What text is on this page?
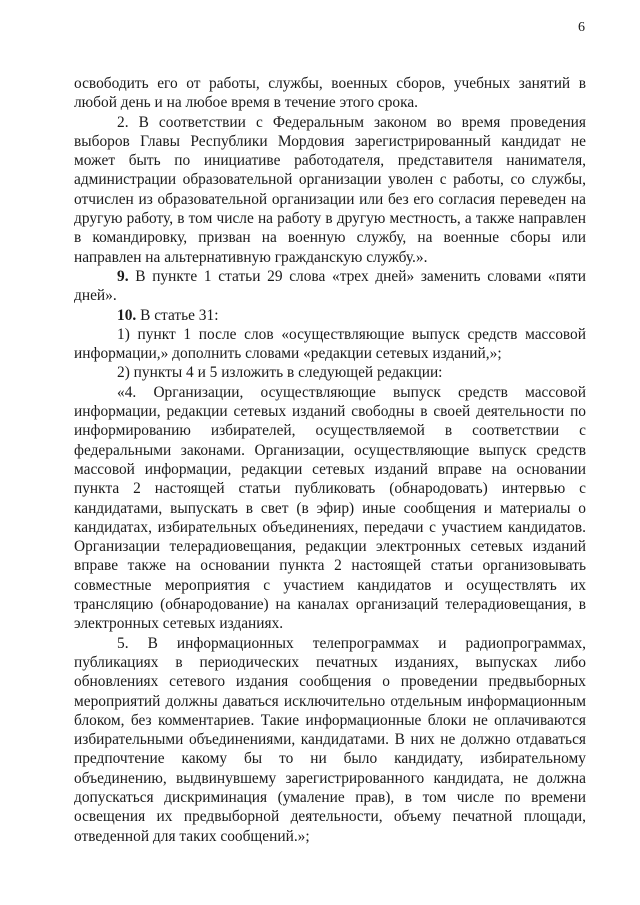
6

освободить его от работы, службы, военных сборов, учебных занятий в любой день и на любое время в течение этого срока.

2. В соответствии с Федеральным законом во время проведения выборов Главы Республики Мордовия зарегистрированный кандидат не может быть по инициативе работодателя, представителя нанимателя, администрации образовательной организации уволен с работы, со службы, отчислен из образовательной организации или без его согласия переведен на другую работу, в том числе на работу в другую местность, а также направлен в командировку, призван на военную службу, на военные сборы или направлен на альтернативную гражданскую службу.».

9. В пункте 1 статьи 29 слова «трех дней» заменить словами «пяти дней».

10. В статье 31:

1) пункт 1 после слов «осуществляющие выпуск средств массовой информации,» дополнить словами «редакции сетевых изданий,»;

2) пункты 4 и 5 изложить в следующей редакции:

«4. Организации, осуществляющие выпуск средств массовой информации, редакции сетевых изданий свободны в своей деятельности по информированию избирателей, осуществляемой в соответствии с федеральными законами. Организации, осуществляющие выпуск средств массовой информации, редакции сетевых изданий вправе на основании пункта 2 настоящей статьи публиковать (обнародовать) интервью с кандидатами, выпускать в свет (в эфир) иные сообщения и материалы о кандидатах, избирательных объединениях, передачи с участием кандидатов. Организации телерадиовещания, редакции электронных сетевых изданий вправе также на основании пункта 2 настоящей статьи организовывать совместные мероприятия с участием кандидатов и осуществлять их трансляцию (обнародование) на каналах организаций телерадиовещания, в электронных сетевых изданиях.

5. В информационных телепрограммах и радиопрограммах, публикациях в периодических печатных изданиях, выпусках либо обновлениях сетевого издания сообщения о проведении предвыборных мероприятий должны даваться исключительно отдельным информационным блоком, без комментариев. Такие информационные блоки не оплачиваются избирательными объединениями, кандидатами. В них не должно отдаваться предпочтение какому бы то ни было кандидату, избирательному объединению, выдвинувшему зарегистрированного кандидата, не должна допускаться дискриминация (умаление прав), в том числе по времени освещения их предвыборной деятельности, объему печатной площади, отведенной для таких сообщений.»;
